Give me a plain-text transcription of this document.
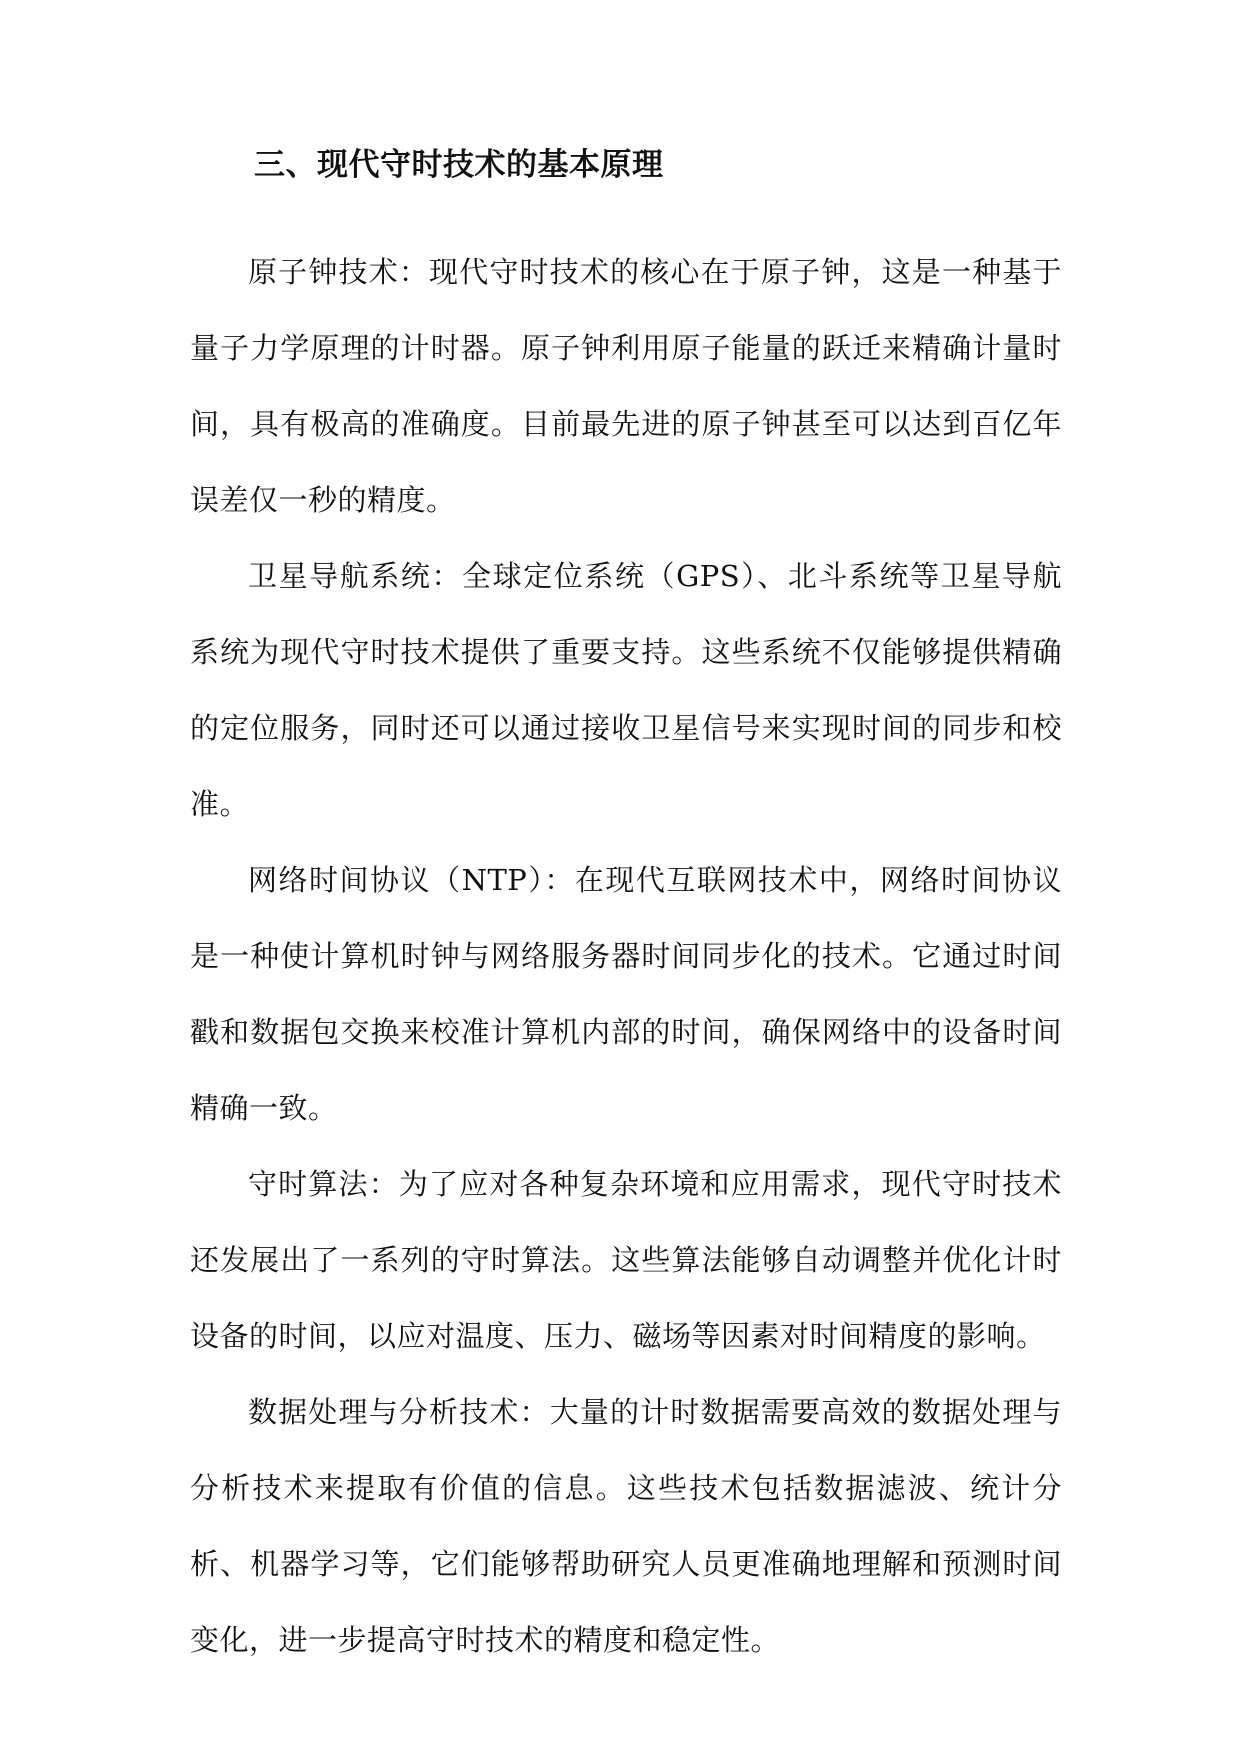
三、现代守时技术的基本原理

原子钟技术：现代守时技术的核心在于原子钟，这是一种基于量子力学原理的计时器。原子钟利用原子能量的跃迁来精确计量时间，具有极高的准确度。目前最先进的原子钟甚至可以达到百亿年误差仅一秒的精度。

卫星导航系统：全球定位系统（GPS）、北斗系统等卫星导航系统为现代守时技术提供了重要支持。这些系统不仅能够提供精确的定位服务，同时还可以通过接收卫星信号来实现时间的同步和校准。

网络时间协议（NTP）：在现代互联网技术中，网络时间协议是一种使计算机时钟与网络服务器时间同步化的技术。它通过时间戳和数据包交换来校准计算机内部的时间，确保网络中的设备时间精确一致。

守时算法：为了应对各种复杂环境和应用需求，现代守时技术还发展出了一系列的守时算法。这些算法能够自动调整并优化计时设备的时间，以应对温度、压力、磁场等因素对时间精度的影响。

数据处理与分析技术：大量的计时数据需要高效的数据处理与分析技术来提取有价值的信息。这些技术包括数据滤波、统计分析、机器学习等，它们能够帮助研究人员更准确地理解和预测时间变化，进一步提高守时技术的精度和稳定性。
